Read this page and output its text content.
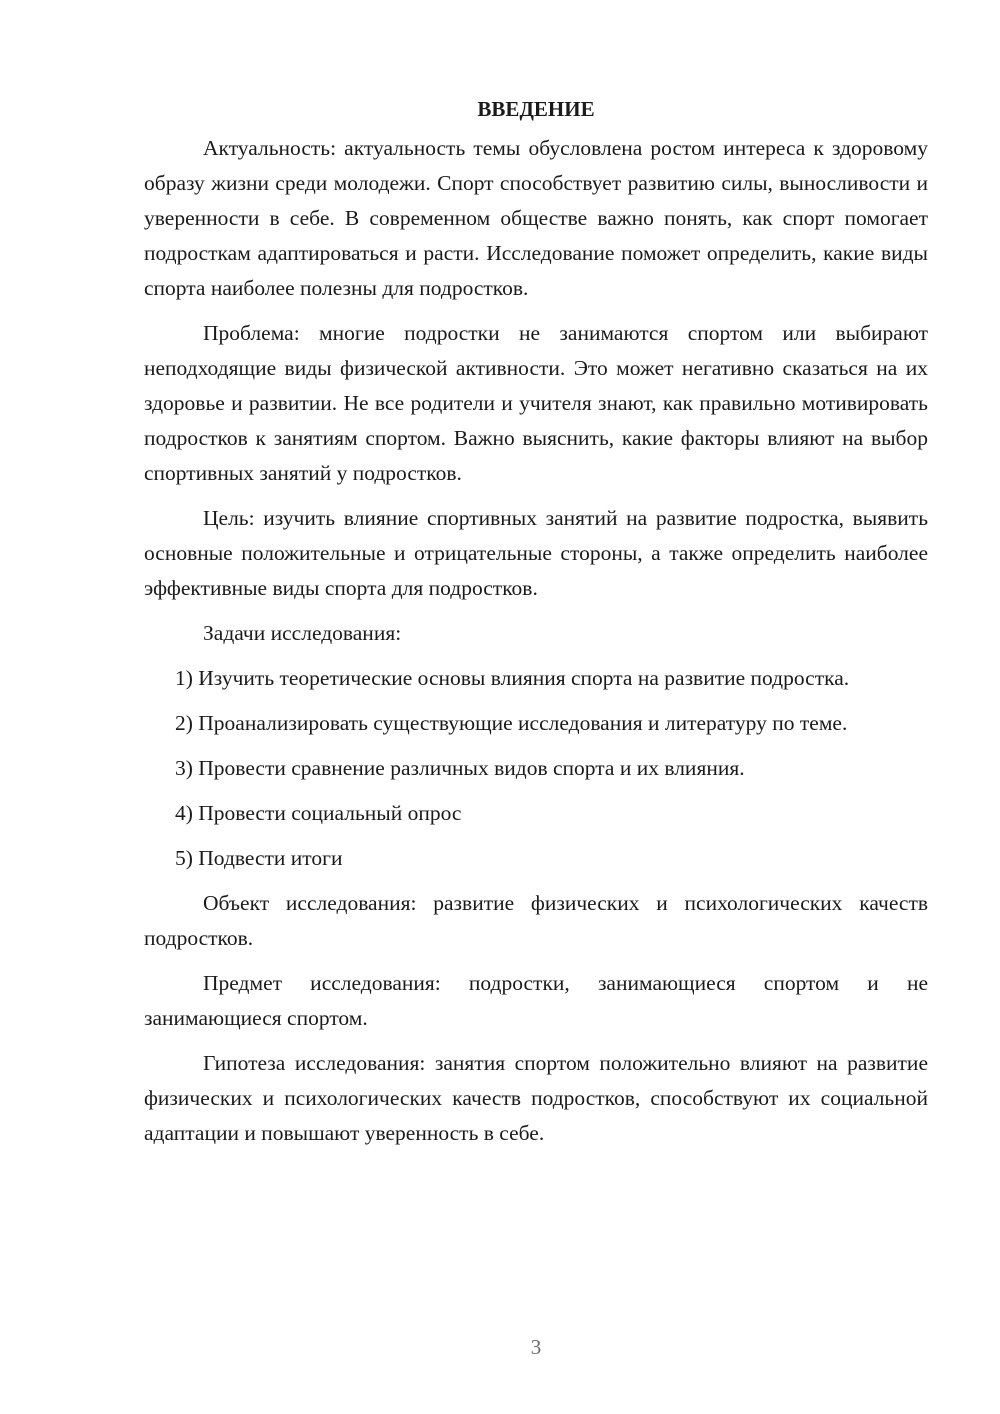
ВВЕДЕНИЕ

Актуальность: актуальность темы обусловлена ростом интереса к здоровому образу жизни среди молодежи. Спорт способствует развитию силы, выносливости и уверенности в себе. В современном обществе важно понять, как спорт помогает подросткам адаптироваться и расти. Исследование поможет определить, какие виды спорта наиболее полезны для подростков.

Проблема: многие подростки не занимаются спортом или выбирают неподходящие виды физической активности. Это может негативно сказаться на их здоровье и развитии. Не все родители и учителя знают, как правильно мотивировать подростков к занятиям спортом. Важно выяснить, какие факторы влияют на выбор спортивных занятий у подростков.

Цель: изучить влияние спортивных занятий на развитие подростка, выявить основные положительные и отрицательные стороны, а также определить наиболее эффективные виды спорта для подростков.

Задачи исследования:

1) Изучить теоретические основы влияния спорта на развитие подростка.

2) Проанализировать существующие исследования и литературу по теме.

3) Провести сравнение различных видов спорта и их влияния.

4) Провести социальный опрос

5) Подвести итоги

Объект исследования: развитие физических и психологических качеств подростков.

Предмет исследования: подростки, занимающиеся спортом и не занимающиеся спортом.

Гипотеза исследования: занятия спортом положительно влияют на развитие физических и психологических качеств подростков, способствуют их социальной адаптации и повышают уверенность в себе.

3
